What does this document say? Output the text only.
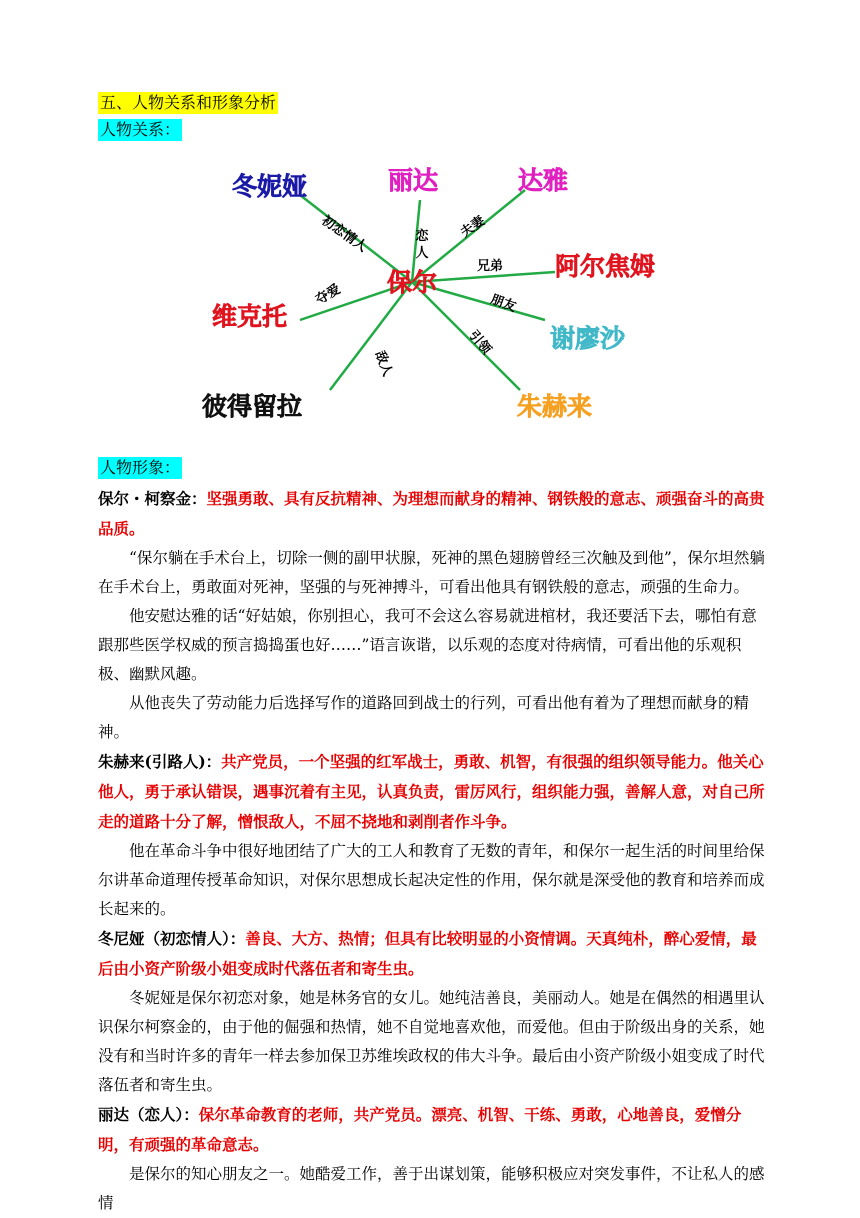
五、人物关系和形象分析
人物关系：
初恋情人
冬妮娅
恋人
丽达
夫妻
达雅
兄弟 阿尔焦姆
朋友
谢廖沙
引领
朱赫来
敌人
彼得留拉
夺爱
维克托
保尔
人物形象：

保尔・柯察金：坚强勇敢、具有反抗精神、为理想而献身的精神、钢铁般的意志、顽强奋斗的高贵品质。

“保尔躺在手术台上，切除一侧的副甲状腺，死神的黑色翅膀曾经三次触及到他”，保尔坦然躺在手术台上，勇敢面对死神，坚强的与死神搏斗，可看出他具有钢铁般的意志，顽强的生命力。

他安慰达雅的话“好姑娘，你别担心，我可不会这么容易就进棺材，我还要活下去，哪怕有意跟那些医学权威的预言捣捣蛋也好……”语言诙谐，以乐观的态度对待病情，可看出他的乐观积极、幽默风趣。

从他丧失了劳动能力后选择写作的道路回到战士的行列，可看出他有着为了理想而献身的精神。

朱赫来(引路人)：共产党员，一个坚强的红军战士，勇敢、机智，有很强的组织领导能力。他关心他人，勇于承认错误，遇事沉着有主见，认真负责，雷厉风行，组织能力强，善解人意，对自己所走的道路十分了解，憎恨敌人，不屈不挠地和剥削者作斗争。

他在革命斗争中很好地团结了广大的工人和教育了无数的青年，和保尔一起生活的时间里给保尔讲革命道理传授革命知识，对保尔思想成长起决定性的作用，保尔就是深受他的教育和培养而成长起来的。

冬尼娅（初恋情人）：善良、大方、热情；但具有比较明显的小资情调。天真纯朴，醉心爱情，最后由小资产阶级小姐变成时代落伍者和寄生虫。

冬妮娅是保尔初恋对象，她是林务官的女儿。她纯洁善良，美丽动人。她是在偶然的相遇里认识保尔柯察金的，由于他的倔强和热情，她不自觉地喜欢他，而爱他。但由于阶级出身的关系，她没有和当时许多的青年一样去参加保卫苏维埃政权的伟大斗争。最后由小资产阶级小姐变成了时代落伍者和寄生虫。

丽达（恋人）：保尔革命教育的老师，共产党员。漂亮、机智、干练、勇敢，心地善良，爱憎分明，有顽强的革命意志。

是保尔的知心朋友之一。她酷爱工作，善于出谋划策，能够积极应对突发事件，不让私人的感情
